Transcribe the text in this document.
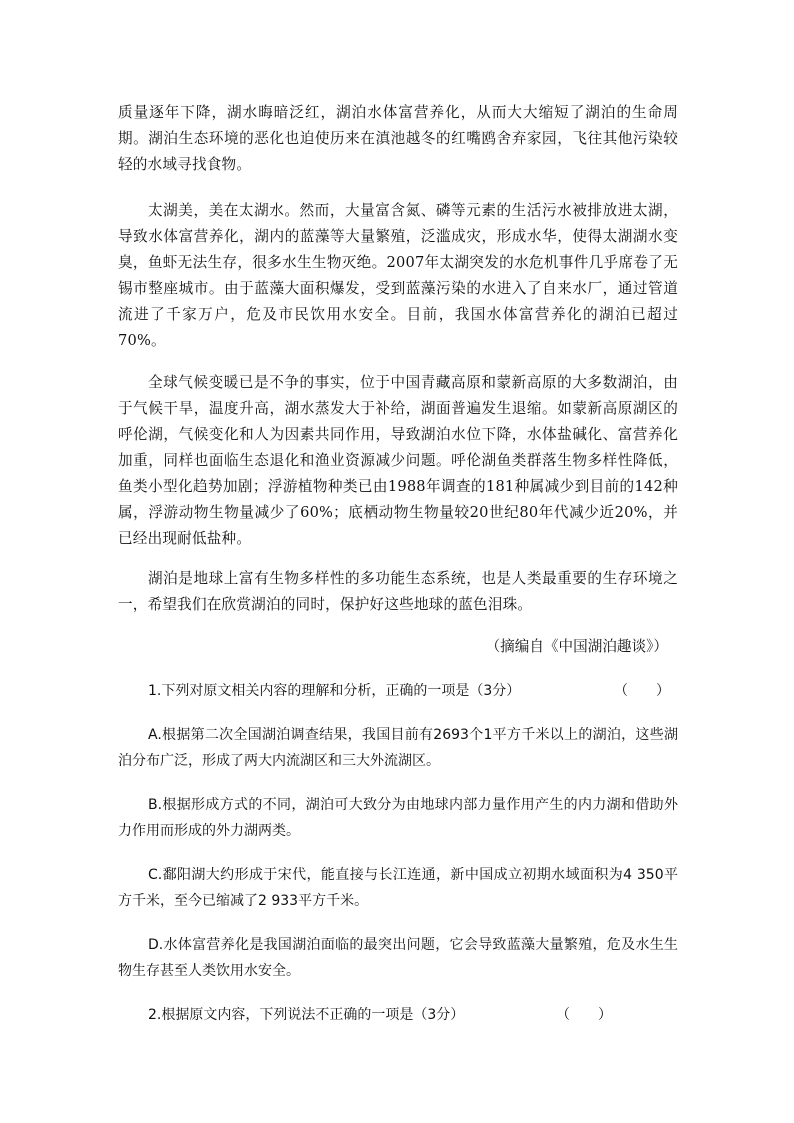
质量逐年下降，湖水晦暗泛红，湖泊水体富营养化，从而大大缩短了湖泊的生命周期。湖泊生态环境的恶化也迫使历来在滇池越冬的红嘴鸥舍弃家园，飞往其他污染较轻的水域寻找食物。

太湖美，美在太湖水。然而，大量富含氮、磷等元素的生活污水被排放进太湖，导致水体富营养化，湖内的蓝藻等大量繁殖，泛滥成灾，形成水华，使得太湖湖水变臭，鱼虾无法生存，很多水生生物灭绝。2007年太湖突发的水危机事件几乎席卷了无锡市整座城市。由于蓝藻大面积爆发，受到蓝藻污染的水进入了自来水厂，通过管道流进了千家万户，危及市民饮用水安全。目前，我国水体富营养化的湖泊已超过70%。

全球气候变暖已是不争的事实，位于中国青藏高原和蒙新高原的大多数湖泊，由于气候干旱，温度升高，湖水蒸发大于补给，湖面普遍发生退缩。如蒙新高原湖区的呼伦湖，气候变化和人为因素共同作用，导致湖泊水位下降，水体盐碱化、富营养化加重，同样也面临生态退化和渔业资源减少问题。呼伦湖鱼类群落生物多样性降低，鱼类小型化趋势加剧；浮游植物种类已由1988年调查的181种属减少到目前的142种属，浮游动物生物量减少了60%；底栖动物生物量较20世纪80年代减少近20%，并已经出现耐低盐种。

湖泊是地球上富有生物多样性的多功能生态系统，也是人类最重要的生存环境之一，希望我们在欣赏湖泊的同时，保护好这些地球的蓝色泪珠。

（摘编自《中国湖泊趣谈》）

1.下列对原文相关内容的理解和分析，正确的一项是（3分）	（　　）

A.根据第二次全国湖泊调查结果，我国目前有2693个1平方千米以上的湖泊，这些湖泊分布广泛，形成了两大内流湖区和三大外流湖区。

B.根据形成方式的不同，湖泊可大致分为由地球内部力量作用产生的内力湖和借助外力作用而形成的外力湖两类。

C.鄱阳湖大约形成于宋代，能直接与长江连通，新中国成立初期水域面积为4 350平方千米，至今已缩减了2 933平方千米。

D.水体富营养化是我国湖泊面临的最突出问题，它会导致蓝藻大量繁殖，危及水生生物生存甚至人类饮用水安全。

2.根据原文内容，下列说法不正确的一项是（3分）	（　　）
